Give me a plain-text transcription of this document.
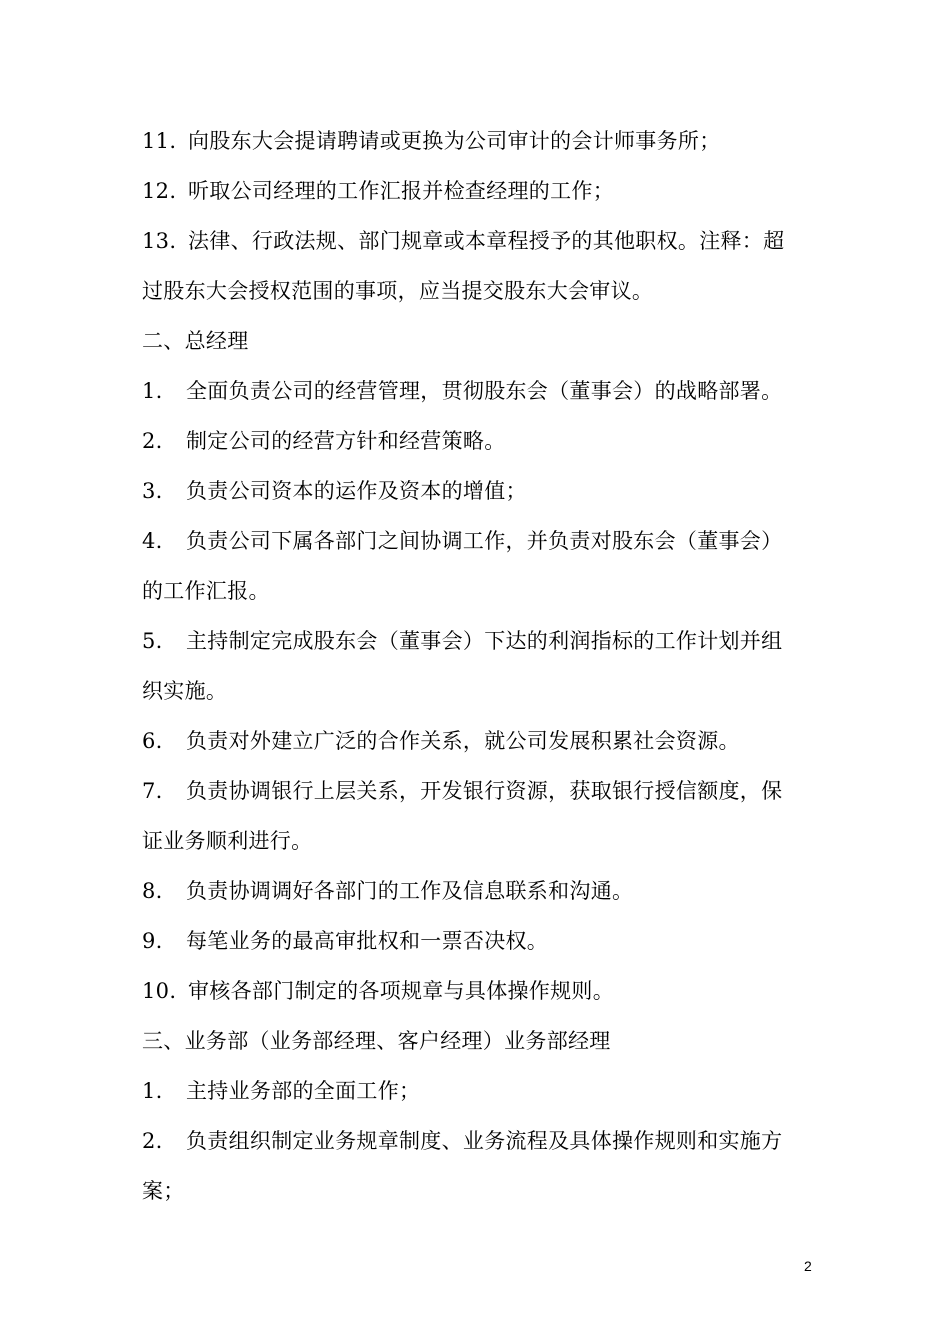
11. 向股东大会提请聘请或更换为公司审计的会计师事务所；
12. 听取公司经理的工作汇报并检查经理的工作；
13. 法律、行政法规、部门规章或本章程授予的其他职权。注释：超
过股东大会授权范围的事项，应当提交股东大会审议。
二、总经理
1. 全面负责公司的经营管理，贯彻股东会（董事会）的战略部署。
2. 制定公司的经营方针和经营策略。
3. 负责公司资本的运作及资本的增值；
4. 负责公司下属各部门之间协调工作，并负责对股东会（董事会）
的工作汇报。
5. 主持制定完成股东会（董事会）下达的利润指标的工作计划并组
织实施。
6. 负责对外建立广泛的合作关系，就公司发展积累社会资源。
7. 负责协调银行上层关系，开发银行资源，获取银行授信额度，保
证业务顺利进行。
8. 负责协调调好各部门的工作及信息联系和沟通。
9. 每笔业务的最高审批权和一票否决权。
10. 审核各部门制定的各项规章与具体操作规则。
三、业务部（业务部经理、客户经理）业务部经理
1. 主持业务部的全面工作；
2. 负责组织制定业务规章制度、业务流程及具体操作规则和实施方
案；
2
